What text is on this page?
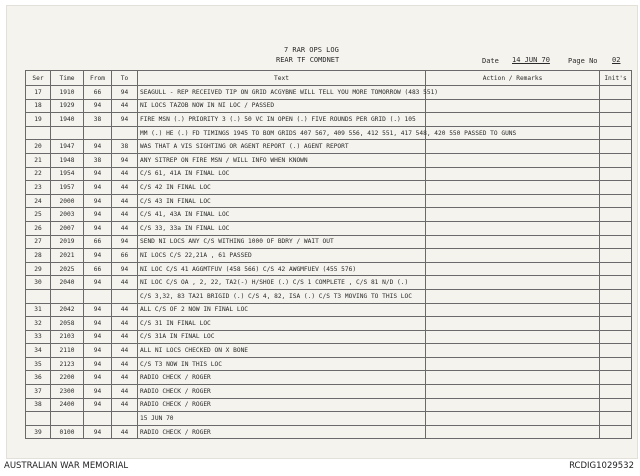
7 RAR OPS LOG
REAR TF COMDNET	Date 14 JUN 70	Page No 02
Ser	Time	From	To	Text	Action / Remarks	Init's
17	1910	66	94	SEAGULL - REP RECEIVED TIP ON GRID ACGYBNE WILL TELL YOU MORE TOMORROW (483 551)		
18	1929	94	44	NI LOCS TAZOB NOW IN NI LOC / PASSED		
19	1940	38	94	FIRE MSN (.) PRIORITY 3 (.) 50 VC IN OPEN (.) FIVE ROUNDS PER GRID (.) 105		
				MM (.) HE (.) FD TIMINGS 1945 TO BOM GRIDS 407 567, 409 556, 412 551, 417 548, 420 550 PASSED TO GUNS		
20	1947	94	38	WAS THAT A VIS SIGHTING OR AGENT REPORT (.) AGENT REPORT		
21	1948	38	94	ANY SITREP ON FIRE MSN / WILL INFO WHEN KNOWN		
22	1954	94	44	C/S 61, 41A IN FINAL LOC		
23	1957	94	44	C/S 42 IN FINAL LOC		
24	2000	94	44	C/S 43 IN FINAL LOC		
25	2003	94	44	C/S 41, 43A IN FINAL LOC		
26	2007	94	44	C/S 33, 33a IN FINAL LOC		
27	2019	66	94	SEND NI LOCS ANY C/S WITHING 1000 OF BDRY / WAIT OUT		
28	2021	94	66	NI LOCS C/S 22,21A , 61 PASSED		
29	2025	66	94	NI LOC C/S 41 AGGMTFUV (458 566) C/S 42 AWGMFUEV (455 576)		
30	2040	94	44	NI LOC C/S OA , 2, 22, TA2(-) H/SHOE (.) C/S 1 COMPLETE , C/S 81 N/D (.)		
				C/S 3,32, 83 TA21 BRIGID (.) C/S 4, 82, ISA (.) C/S T3 MOVING TO THIS LOC		
31	2042	94	44	ALL C/S OF 2 NOW IN FINAL LOC		
32	2058	94	44	C/S 31 IN FINAL LOC		
33	2103	94	44	C/S 31A IN FINAL LOC		
34	2110	94	44	ALL NI LOCS CHECKED ON X BONE		
35	2123	94	44	C/S T3 NOW IN THIS LOC		
36	2200	94	44	RADIO CHECK / ROGER		
37	2300	94	44	RADIO CHECK / ROGER		
38	2400	94	44	RADIO CHECK / ROGER		
				15 JUN 70		
39	0100	94	44	RADIO CHECK / ROGER		
AUSTRALIAN WAR MEMORIAL	RCDIG1029532
